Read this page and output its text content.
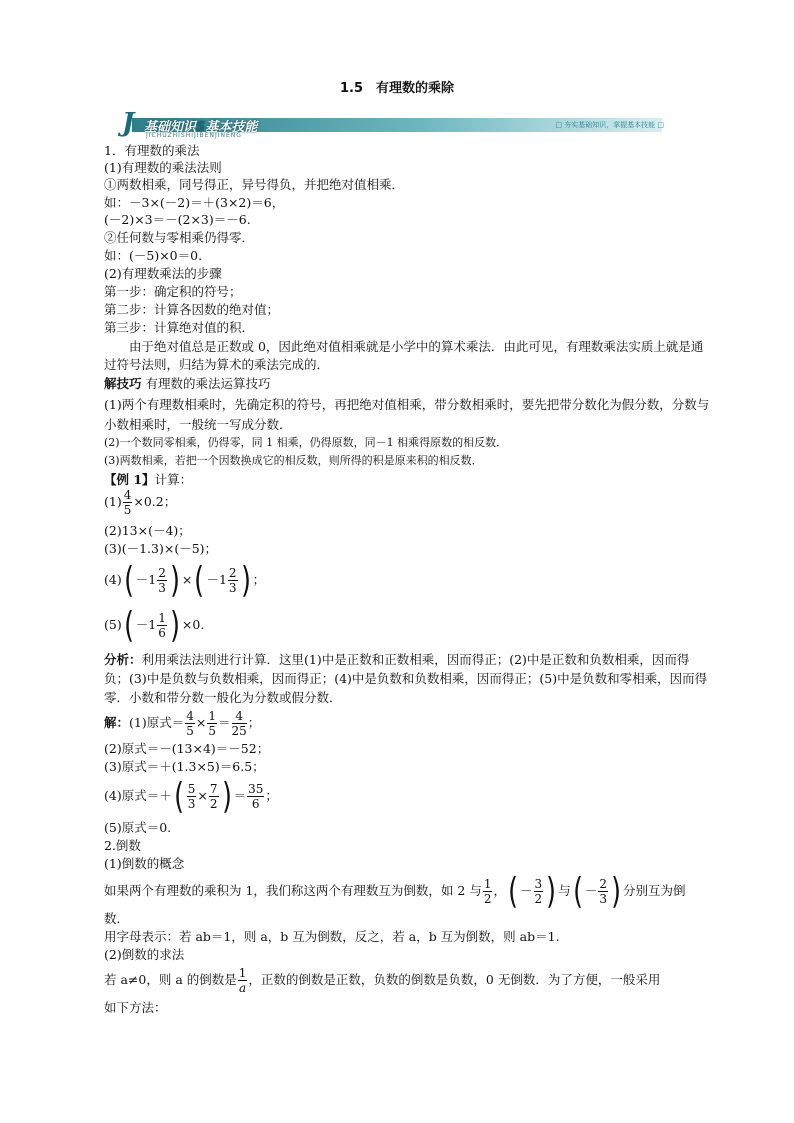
1.5　有理数的乘除
J 基础知识S基本技能
JICHUZHISHIJIBENJINENG
□ 夯实基础知识，掌握基本技能 □
1．有理数的乘法
(1)有理数的乘法法则
①两数相乘，同号得正，异号得负，并把绝对值相乘．
如：－3×(－2)＝＋(3×2)＝6，
(－2)×3＝－(2×3)＝－6.
②任何数与零相乘仍得零．
如：(－5)×0＝0.
(2)有理数乘法的步骤
第一步：确定积的符号；
第二步：计算各因数的绝对值；
第三步：计算绝对值的积．
由于绝对值总是正数或 0，因此绝对值相乘就是小学中的算术乘法．由此可见，有理数乘法实质上就是通过符号法则，归结为算术的乘法完成的．
解技巧 有理数的乘法运算技巧
(1)两个有理数相乘时，先确定积的符号，再把绝对值相乘，带分数相乘时，要先把带分数化为假分数，分数与小数相乘时，一般统一写成分数．
(2)一个数同零相乘，仍得零，同 1 相乘，仍得原数，同－1 相乘得原数的相反数．
(3)两数相乘，若把一个因数换成它的相反数，则所得的积是原来积的相反数．
【例 1】计算：
$(1) \frac{4}{5} \times 0.2$；
(2)13×(－4)；
(3)(－1.3)×(－5)；
$(4)( -1 \frac{2}{3}$ ) ×( $-1 \frac{2}{3}$ ) ；
$(5)( -1 \frac{1}{6}$ ) ×0.
分析：利用乘法法则进行计算．这里(1)中是正数和正数相乘，因而得正；(2)中是正数和负数相乘，因而得负；(3)中是负数与负数相乘，因而得正；(4)中是负数和负数相乘，因而得正；(5)中是负数和零相乘，因而得零．小数和带分数一般化为分数或假分数．
解：(1)原式＝ $\frac{4}{5} \times \frac{1}{5} = \frac{4}{25}$ ；
(2)原式＝－(13×4)＝－52；
(3)原式＝＋(1.3×5)＝6.5；
(4)原式＝＋( $\frac{5}{3} \times \frac{7}{2}$ ) ＝ $\frac{35}{6}$ ；
(5)原式＝0.
2.倒数
(1)倒数的概念
如果两个有理数的乘积为 1，我们称这两个有理数互为倒数，如 2 与 $\frac{1}{2}$ ，( － $\frac{3}{2}$ ) 与( － $\frac{2}{3}$ ) 分别互为倒
数．
用字母表示：若 ab＝1，则 a，b 互为倒数，反之，若 a，b 互为倒数，则 ab＝1.
(2)倒数的求法
若 a≠0，则 a 的倒数是 $\frac{1}{a}$ ，正数的倒数是正数，负数的倒数是负数，0 无倒数．为了方便，一般采用
如下方法：
